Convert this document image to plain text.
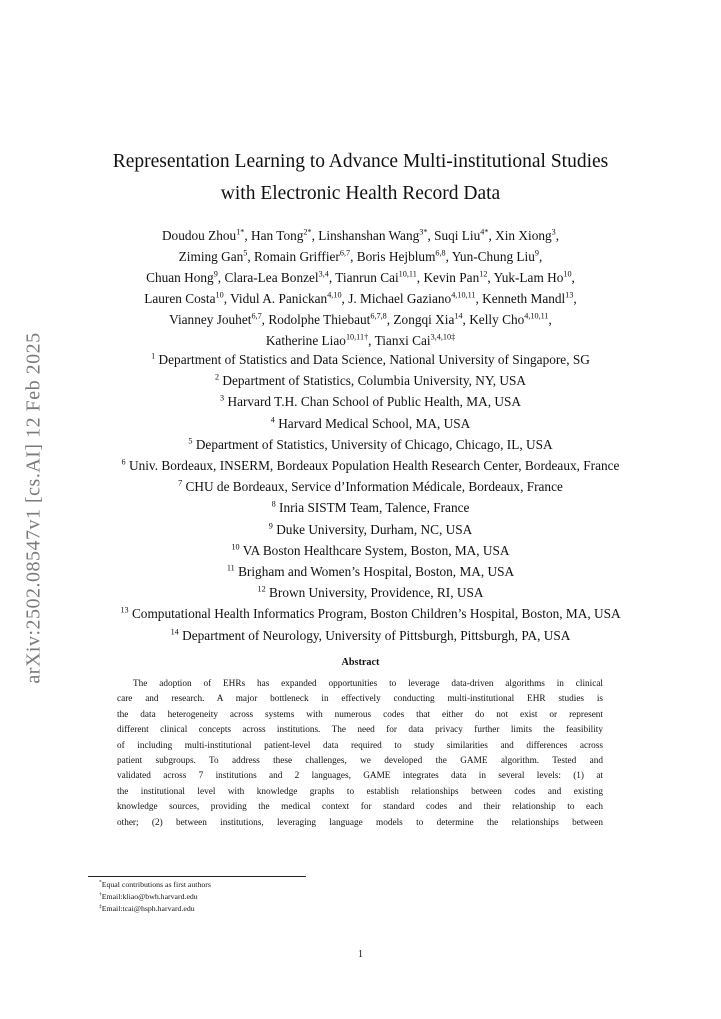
arXiv:2502.08547v1 [cs.AI] 12 Feb 2025
Representation Learning to Advance Multi-institutional Studies
with Electronic Health Record Data
Doudou Zhou$^{1*}$, Han Tong$^{2*}$, Linshanshan Wang$^{3*}$, Suqi Liu$^{4*}$, Xin Xiong$^3$,
Ziming Gan$^5$, Romain Griffier$^{6,7}$, Boris Hejblum$^{6,8}$, Yun-Chung Liu$^9$,
Chuan Hong$^9$, Clara-Lea Bonzel$^{3,4}$, Tianrun Cai$^{10,11}$, Kevin Pan$^{12}$, Yuk-Lam Ho$^{10}$,
Lauren Costa$^{10}$, Vidul A. Panickan$^{4,10}$, J. Michael Gaziano$^{4,10,11}$, Kenneth Mandl$^{13}$,
Vianney Jouhet$^{6,7}$, Rodolphe Thiebaut$^{6,7,8}$, Zongqi Xia$^{14}$, Kelly Cho$^{4,10,11}$,
Katherine Liao$^{10,11\dagger}$, Tianxi Cai$^{3,4,10\ddagger}$
$^1$ Department of Statistics and Data Science, National University of Singapore, SG
$^2$ Department of Statistics, Columbia University, NY, USA
$^3$ Harvard T.H. Chan School of Public Health, MA, USA
$^4$ Harvard Medical School, MA, USA
$^5$ Department of Statistics, University of Chicago, Chicago, IL, USA
$^6$ Univ. Bordeaux, INSERM, Bordeaux Population Health Research Center, Bordeaux, France
$^7$ CHU de Bordeaux, Service d’Information Médicale, Bordeaux, France
$^8$ Inria SISTM Team, Talence, France
$^9$ Duke University, Durham, NC, USA
$^{10}$ VA Boston Healthcare System, Boston, MA, USA
$^{11}$ Brigham and Women’s Hospital, Boston, MA, USA
$^{12}$ Brown University, Providence, RI, USA
$^{13}$ Computational Health Informatics Program, Boston Children’s Hospital, Boston, MA, USA
$^{14}$ Department of Neurology, University of Pittsburgh, Pittsburgh, PA, USA
Abstract
The adoption of EHRs has expanded opportunities to leverage data-driven algorithms in clinical
care and research. A major bottleneck in effectively conducting multi-institutional EHR studies is
the data heterogeneity across systems with numerous codes that either do not exist or represent
different clinical concepts across institutions. The need for data privacy further limits the feasibility
of including multi-institutional patient-level data required to study similarities and differences across
patient subgroups. To address these challenges, we developed the GAME algorithm. Tested and
validated across 7 institutions and 2 languages, GAME integrates data in several levels: (1) at
the institutional level with knowledge graphs to establish relationships between codes and existing
knowledge sources, providing the medical context for standard codes and their relationship to each
other; (2) between institutions, leveraging language models to determine the relationships between
*Equal contributions as first authors
†Email:kliao@bwh.harvard.edu
‡Email:tcai@hsph.harvard.edu
1
